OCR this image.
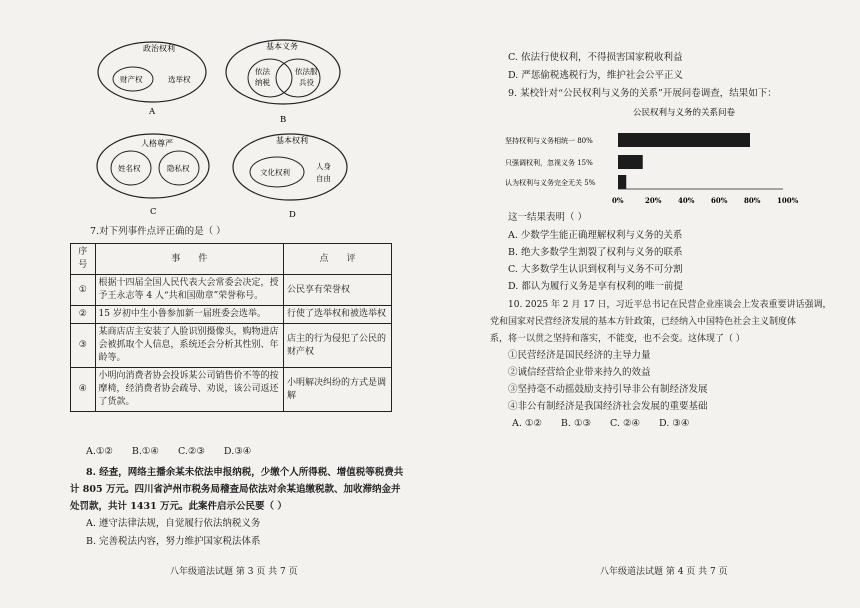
政治权利
财产权	选举权
A
基本义务
依法
纳税
依法服
兵役
B
人格尊严
姓名权	隐私权
C
基本权利
文化权利
人身
自由
D
7.对下列事件点评正确的是（ ）
序号	事　　件	点　　评
①	根据十四届全国人民代表大会常委会决定，授予王永志等 4 人“共和国勋章”荣誉称号。	公民享有荣誉权
②	15 岁初中生小鲁参加新一届班委会选举。	行使了选举权和被选举权
③	某商店店主安装了人脸识别摄像头，购物进店会被抓取个人信息，系统还会分析其性别、年龄等。	店主的行为侵犯了公民的财产权
④	小明向消费者协会投诉某公司销售价不等的按摩椅，经消费者协会疏导、劝说，该公司返还了货款。	小明解决纠纷的方式是调解
A.①②　　B.①④　　C.②③　　D.③④
8. 经查，网络主播余某未依法申报纳税，少缴个人所得税、增值税等税费共
计 805 万元。四川省泸州市税务局稽查局依法对余某追缴税款、加收滞纳金并
处罚款，共计 1431 万元。此案件启示公民要（ ）
A. 遵守法律法规，自觉履行依法纳税义务
B. 完善税法内容，努力维护国家税法体系
八年级道法试题 第 3 页 共 7 页
C. 依法行使权利，不得损害国家税收利益
D. 严惩偷税逃税行为，维护社会公平正义
9. 某校针对“公民权利与义务的关系”开展问卷调查，结果如下：
公民权利与义务的关系问卷
坚持权利与义务相统一 80%
只强调权利，忽视义务 15%
认为权利与义务完全无关 5%
0%	20% 40% 60% 80% 100%
这一结果表明（ ）
A. 少数学生能正确理解权利与义务的关系
B. 绝大多数学生割裂了权利与义务的联系
C. 大多数学生认识到权利与义务不可分割
D. 都认为履行义务是享有权利的唯一前提
10. 2025 年 2 月 17 日，习近平总书记在民营企业座谈会上发表重要讲话强调，
党和国家对民营经济发展的基本方针政策，已经纳入中国特色社会主义制度体
系，将一以贯之坚持和落实，不能变，也不会变。这体现了（ ）
①民营经济是国民经济的主导力量
②诚信经营给企业带来持久的效益
③坚持毫不动摇鼓励支持引导非公有制经济发展
④非公有制经济是我国经济社会发展的重要基础
A. ①②　　B. ①③　　C. ②④　　D. ③④
八年级道法试题 第 4 页 共 7 页
